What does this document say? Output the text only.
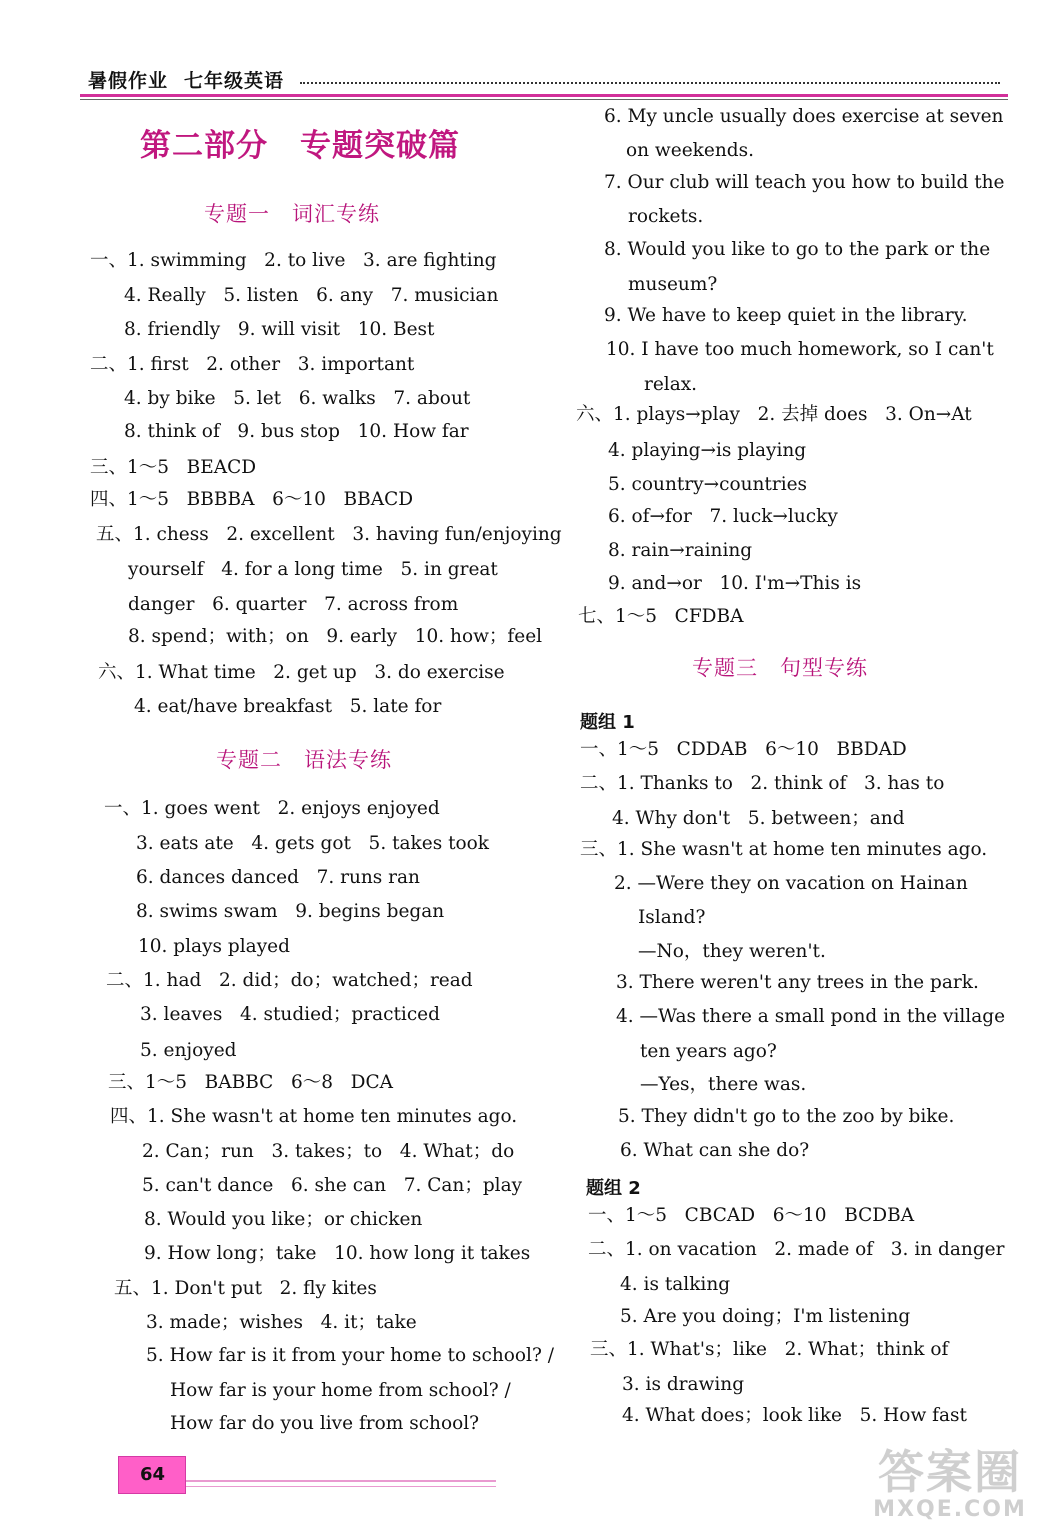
暑假作业 七年级英语
第二部分　专题突破篇
专题一　词汇专练
专题二　语法专练
专题三　句型专练
题组 1
题组 2
一、1. swimming   2. to live   3. are fighting
4. Really   5. listen   6. any   7. musician
8. friendly   9. will visit   10. Best
二、1. first   2. other   3. important
4. by bike   5. let   6. walks   7. about
8. think of   9. bus stop   10. How far
三、1～5   BEACD
四、1～5   BBBBA   6～10   BBACD
五、1. chess   2. excellent   3. having fun/enjoying
yourself   4. for a long time   5. in great
danger   6. quarter   7. across from
8. spend；with；on   9. early   10. how；feel
六、1. What time   2. get up   3. do exercise
4. eat/have breakfast   5. late for
一、1. goes went   2. enjoys enjoyed
3. eats ate   4. gets got   5. takes took
6. dances danced   7. runs ran
8. swims swam   9. begins began
10. plays played
二、1. had   2. did；do；watched；read
3. leaves   4. studied；practiced
5. enjoyed
三、1～5   BABBC   6～8   DCA
四、1. She wasn't at home ten minutes ago.
2. Can；run   3. takes；to   4. What；do
5. can't dance   6. she can   7. Can；play
8. Would you like；or chicken
9. How long；take   10. how long it takes
五、1. Don't put   2. fly kites
3. made；wishes   4. it；take
5. How far is it from your home to school? /
How far is your home from school? /
How far do you live from school?
6. My uncle usually does exercise at seven
on weekends.
7. Our club will teach you how to build the
rockets.
8. Would you like to go to the park or the
museum?
9. We have to keep quiet in the library.
10. I have too much homework, so I can't
relax.
六、1. plays→play   2. 去掉 does   3. On→At
4. playing→is playing
5. country→countries
6. of→for   7. luck→lucky
8. rain→raining
9. and→or   10. I'm→This is
七、1～5   CFDBA
一、1～5   CDDAB   6～10   BBDAD
二、1. Thanks to   2. think of   3. has to
4. Why don't   5. between；and
三、1. She wasn't at home ten minutes ago.
2. —Were they on vacation on Hainan
Island?
—No，they weren't.
3. There weren't any trees in the park.
4. —Was there a small pond in the village
ten years ago?
—Yes，there was.
5. They didn't go to the zoo by bike.
6. What can she do?
一、1～5   CBCAD   6～10   BCDBA
二、1. on vacation   2. made of   3. in danger
4. is talking
5. Are you doing；I'm listening
三、1. What's；like   2. What；think of
3. is drawing
4. What does；look like   5. How fast
64	答案圈
MXQE.COM
